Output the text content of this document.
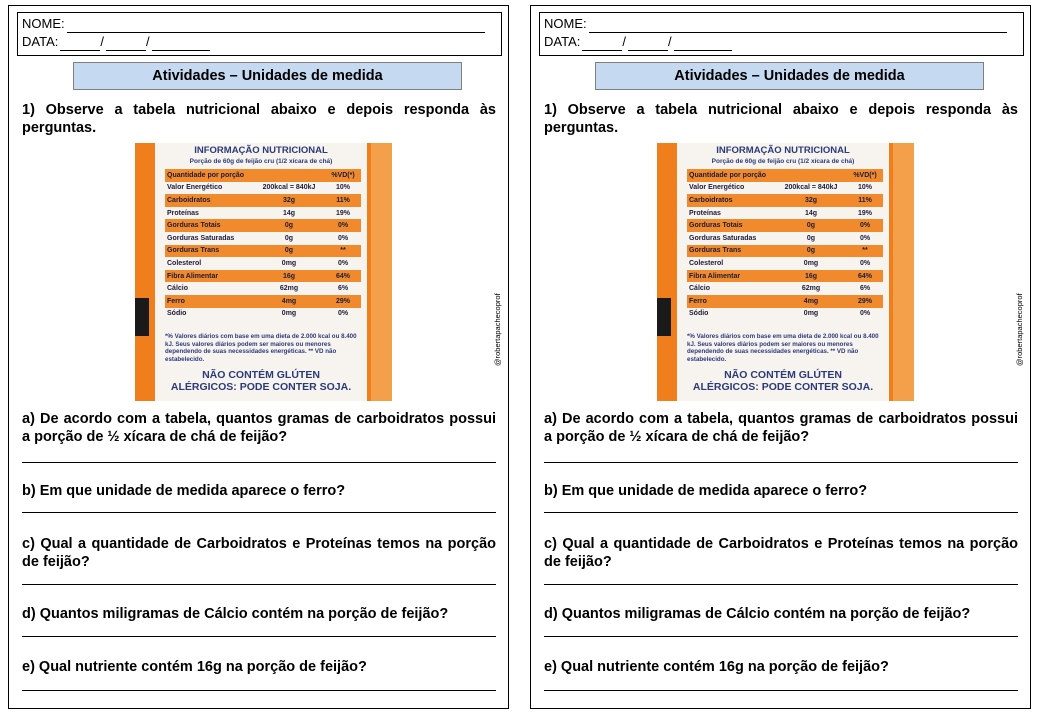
NOME:
DATA:	/	/
Atividades – Unidades de medida
1) Observe a tabela nutricional abaixo e depois responda às perguntas.
INFORMAÇÃO NUTRICIONAL
Porção de 60g de feijão cru (1/2 xícara de chá)
Quantidade por porção	%VD(*)
Valor Energético	200kcal = 840kJ	10%
Carboidratos	32g	11%
Proteínas	14g	19%
Gorduras Totais	0g	0%
Gorduras Saturadas	0g	0%
Gorduras Trans	0g	**
Colesterol	0mg	0%
Fibra Alimentar	16g	64%
Cálcio	62mg	6%
Ferro	4mg	29%
Sódio	0mg	0%
*% Valores diários com base em uma dieta de 2.000 kcal ou 8.400 kJ. Seus valores diários podem ser maiores ou menores dependendo de suas necessidades energéticas. ** VD não estabelecido.
NÃO CONTÉM GLÚTEN
ALÉRGICOS: PODE CONTER SOJA.
@robertapachecoprof
a) De acordo com a tabela, quantos gramas de carboidratos possui a porção de ½ xícara de chá de feijão?
b) Em que unidade de medida aparece o ferro?
c) Qual a quantidade de Carboidratos e Proteínas temos na porção de feijão?
d) Quantos miligramas de Cálcio contém na porção de feijão?
e) Qual nutriente contém 16g na porção de feijão?
NOME:
DATA:	/	/
Atividades – Unidades de medida
1) Observe a tabela nutricional abaixo e depois responda às perguntas.
INFORMAÇÃO NUTRICIONAL
Porção de 60g de feijão cru (1/2 xícara de chá)
Quantidade por porção	%VD(*)
Valor Energético	200kcal = 840kJ	10%
Carboidratos	32g	11%
Proteínas	14g	19%
Gorduras Totais	0g	0%
Gorduras Saturadas	0g	0%
Gorduras Trans	0g	**
Colesterol	0mg	0%
Fibra Alimentar	16g	64%
Cálcio	62mg	6%
Ferro	4mg	29%
Sódio	0mg	0%
*% Valores diários com base em uma dieta de 2.000 kcal ou 8.400 kJ. Seus valores diários podem ser maiores ou menores dependendo de suas necessidades energéticas. ** VD não estabelecido.
NÃO CONTÉM GLÚTEN
ALÉRGICOS: PODE CONTER SOJA.
@robertapachecoprof
a) De acordo com a tabela, quantos gramas de carboidratos possui a porção de ½ xícara de chá de feijão?
b) Em que unidade de medida aparece o ferro?
c) Qual a quantidade de Carboidratos e Proteínas temos na porção de feijão?
d) Quantos miligramas de Cálcio contém na porção de feijão?
e) Qual nutriente contém 16g na porção de feijão?
